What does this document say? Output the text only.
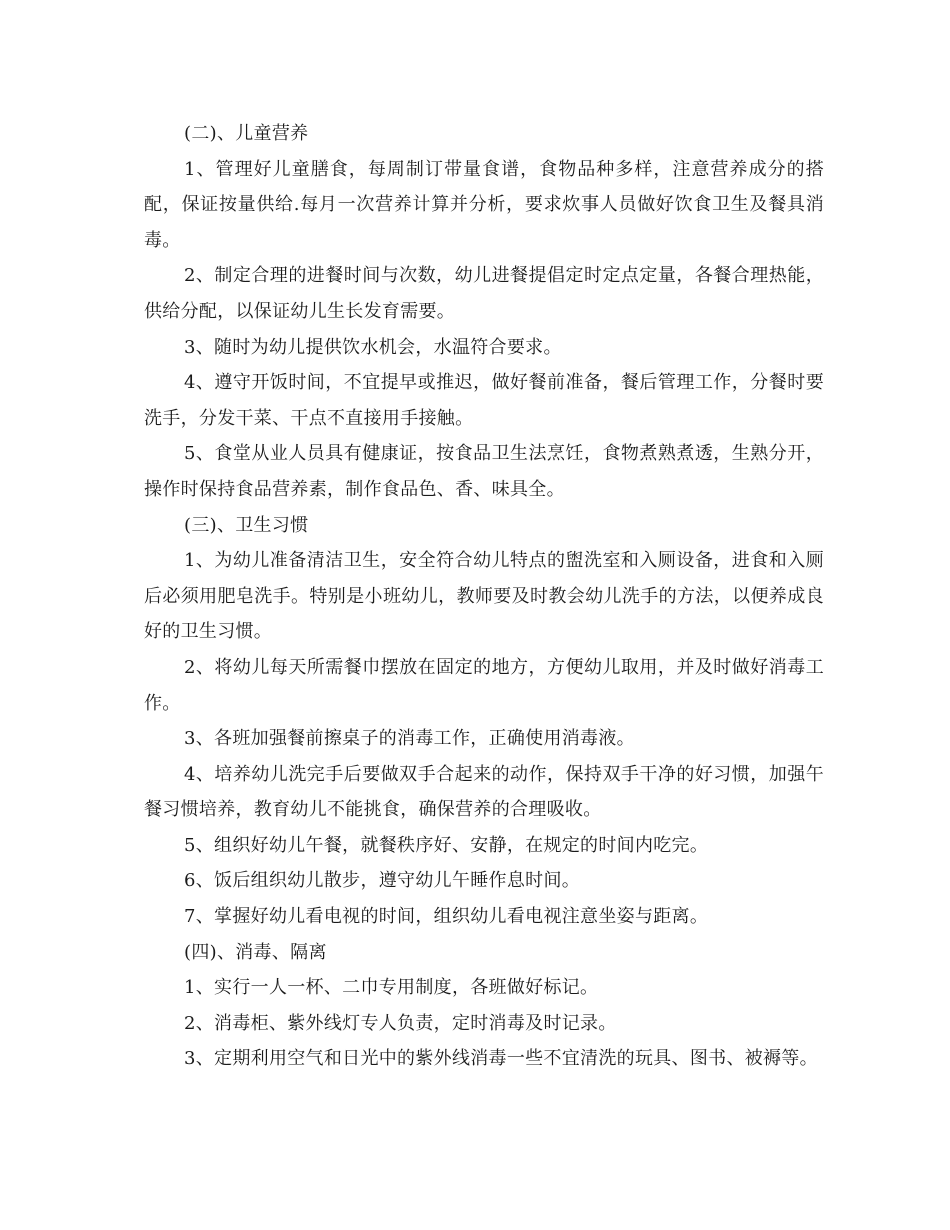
(二)、儿童营养

1、管理好儿童膳食，每周制订带量食谱，食物品种多样，注意营养成分的搭配，保证按量供给.每月一次营养计算并分析，要求炊事人员做好饮食卫生及餐具消毒。

2、制定合理的进餐时间与次数，幼儿进餐提倡定时定点定量，各餐合理热能，供给分配，以保证幼儿生长发育需要。

3、随时为幼儿提供饮水机会，水温符合要求。

4、遵守开饭时间，不宜提早或推迟，做好餐前准备，餐后管理工作，分餐时要洗手，分发干菜、干点不直接用手接触。

5、食堂从业人员具有健康证，按食品卫生法烹饪，食物煮熟煮透，生熟分开，操作时保持食品营养素，制作食品色、香、味具全。

(三)、卫生习惯

1、为幼儿准备清洁卫生，安全符合幼儿特点的盥洗室和入厕设备，进食和入厕后必须用肥皂洗手。特别是小班幼儿，教师要及时教会幼儿洗手的方法，以便养成良好的卫生习惯。

2、将幼儿每天所需餐巾摆放在固定的地方，方便幼儿取用，并及时做好消毒工作。

3、各班加强餐前擦桌子的消毒工作，正确使用消毒液。

4、培养幼儿洗完手后要做双手合起来的动作，保持双手干净的好习惯，加强午餐习惯培养，教育幼儿不能挑食，确保营养的合理吸收。

5、组织好幼儿午餐，就餐秩序好、安静，在规定的时间内吃完。

6、饭后组织幼儿散步，遵守幼儿午睡作息时间。

7、掌握好幼儿看电视的时间，组织幼儿看电视注意坐姿与距离。

(四)、消毒、隔离

1、实行一人一杯、二巾专用制度，各班做好标记。

2、消毒柜、紫外线灯专人负责，定时消毒及时记录。

3、定期利用空气和日光中的紫外线消毒一些不宜清洗的玩具、图书、被褥等。
